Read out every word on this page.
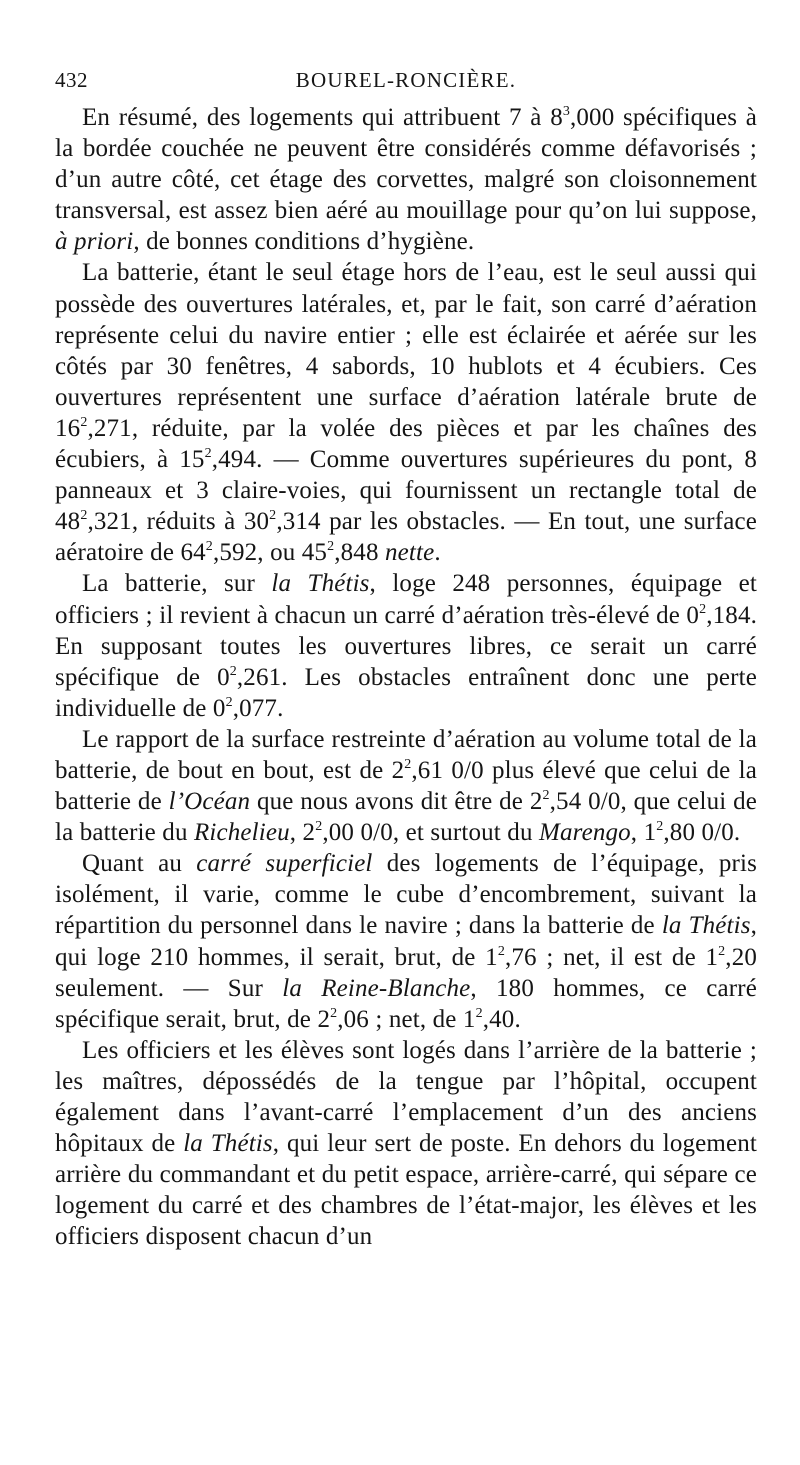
432	BOUREL-RONCIÈRE.

En résumé, des logements qui attribuent 7 à $8^3,000$ spécifiques à la bordée couchée ne peuvent être considérés comme défavorisés ; d’un autre côté, cet étage des corvettes, malgré son cloisonnement transversal, est assez bien aéré au mouillage pour qu’on lui suppose, à priori, de bonnes conditions d’hygiène.

La batterie, étant le seul étage hors de l’eau, est le seul aussi qui possède des ouvertures latérales, et, par le fait, son carré d’aération représente celui du navire entier ; elle est éclairée et aérée sur les côtés par 30 fenêtres, 4 sabords, 10 hublots et 4 écubiers. Ces ouvertures représentent une surface d’aération latérale brute de $16^2,271$, réduite, par la volée des pièces et par les chaînes des écubiers, à $15^2,494$. — Comme ouvertures supérieures du pont, 8 panneaux et 3 claire-voies, qui fournissent un rectangle total de $48^2,321$, réduits à $30^2,314$ par les obstacles. — En tout, une surface aératoire de $64^2,592$, ou $45^2,848$ nette.

La batterie, sur la Thétis, loge 248 personnes, équipage et officiers ; il revient à chacun un carré d’aération très-élevé de $0^2,184$. En supposant toutes les ouvertures libres, ce serait un carré spécifique de $0^2,261$. Les obstacles entraînent donc une perte individuelle de $0^2,077$.

Le rapport de la surface restreinte d’aération au volume total de la batterie, de bout en bout, est de $2^2,61$ 0/0 plus élevé que celui de la batterie de l’Océan que nous avons dit être de $2^2,54$ 0/0, que celui de la batterie du Richelieu, $2^2,00$ 0/0, et surtout du Marengo, $1^2,80$ 0/0.

Quant au carré superficiel des logements de l’équipage, pris isolément, il varie, comme le cube d’encombrement, suivant la répartition du personnel dans le navire ; dans la batterie de la Thétis, qui loge 210 hommes, il serait, brut, de $1^2,76$ ; net, il est de $1^2,20$ seulement. — Sur la Reine-Blanche, 180 hommes, ce carré spécifique serait, brut, de $2^2,06$ ; net, de $1^2,40$.

Les officiers et les élèves sont logés dans l’arrière de la batterie ; les maîtres, dépossédés de la tengue par l’hôpital, occupent également dans l’avant-carré l’emplacement d’un des anciens hôpitaux de la Thétis, qui leur sert de poste. En dehors du logement arrière du commandant et du petit espace, arrière-carré, qui sépare ce logement du carré et des chambres de l’état-major, les élèves et les officiers disposent chacun d’un
